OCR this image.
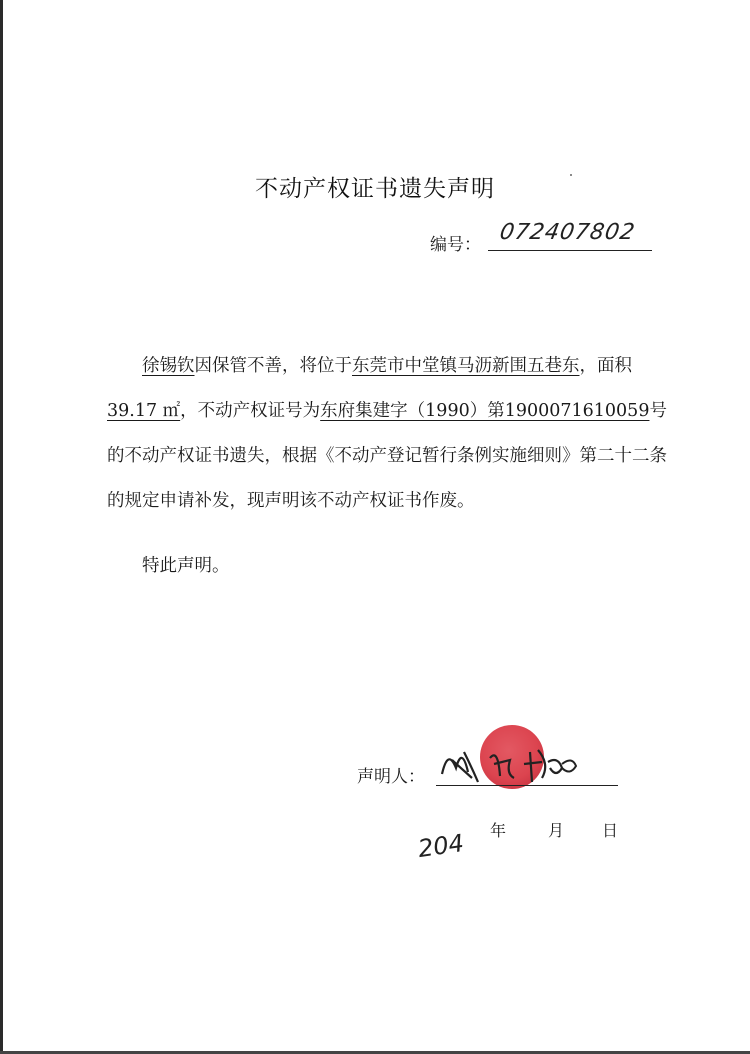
不动产权证书遗失声明
编号： 072407802

徐锡钦因保管不善，将位于东莞市中堂镇马沥新围五巷东，面积39.17 ㎡，不动产权证号为东府集建字（1990）第1900071610059号的不动产权证书遗失，根据《不动产登记暂行条例实施细则》第二十二条的规定申请补发，现声明该不动产权证书作废。

特此声明。

声明人：
204 年	月 日
